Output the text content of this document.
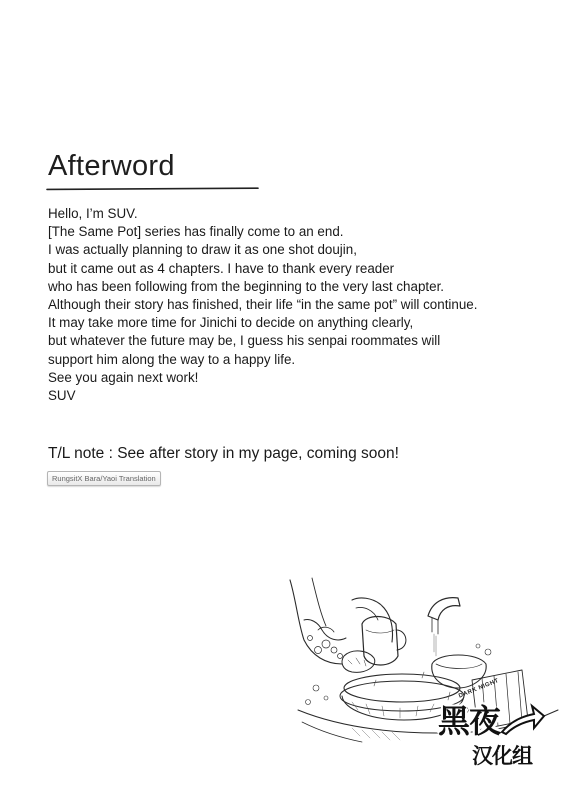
Afterword
Hello, I’m SUV.
[The Same Pot] series has finally come to an end.
I was actually planning to draw it as one shot doujin,
but it came out as 4 chapters. I have to thank every reader
who has been following from the beginning to the very last chapter.
Although their story has finished, their life “in the same pot” will continue.
It may take more time for Jinichi to decide on anything clearly,
but whatever the future may be, I guess his senpai roommates will
support him along the way to a happy life.
See you again next work!
SUV
T/L note : See after story in my page, coming soon!
RungsitX Bara/Yaoi Translation
DARK NIGHT
黑夜
汉化组
